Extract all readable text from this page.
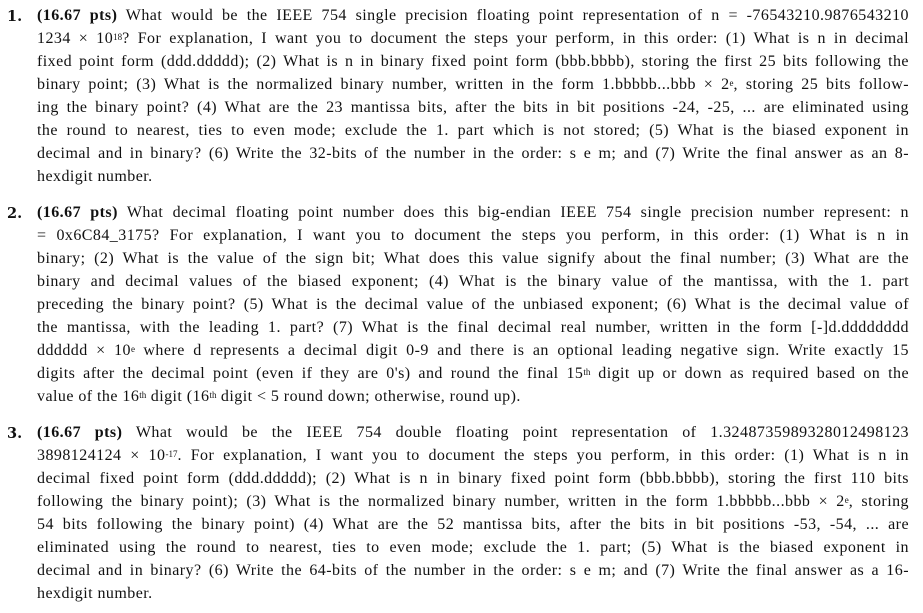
1. (16.67 pts) What would be the IEEE 754 single precision floating point representation of n = -76543210.9876543210
$1234 \times 10^{18}$? For explanation, I want you to document the steps your perform, in this order: (1) What is n in decimal
fixed point form (ddd.ddddd); (2) What is n in binary fixed point form (bbb.bbbb), storing the first 25 bits following the
binary point; (3) What is the normalized binary number, written in the form 1.bbbbb...bbb × $2^e$, storing 25 bits follow-
ing the binary point? (4) What are the 23 mantissa bits, after the bits in bit positions -24, -25, ... are eliminated using
the round to nearest, ties to even mode; exclude the 1. part which is not stored; (5) What is the biased exponent in
decimal and in binary? (6) Write the 32-bits of the number in the order: s e m; and (7) Write the final answer as an 8-
hexdigit number.
2. (16.67 pts) What decimal floating point number does this big-endian IEEE 754 single precision number represent: n
= 0x6C84_3175? For explanation, I want you to document the steps you perform, in this order: (1) What is n in
binary; (2) What is the value of the sign bit; What does this value signify about the final number; (3) What are the
binary and decimal values of the biased exponent; (4) What is the binary value of the mantissa, with the 1. part
preceding the binary point? (5) What is the decimal value of the unbiased exponent; (6) What is the decimal value of
the mantissa, with the leading 1. part? (7) What is the final decimal real number, written in the form [-]d.dddddddd
dddddd × $10^e$ where d represents a decimal digit 0-9 and there is an optional leading negative sign. Write exactly 15
digits after the decimal point (even if they are 0's) and round the final 15th digit up or down as required based on the
value of the 16th digit (16th digit < 5 round down; otherwise, round up).
3. (16.67 pts) What would be the IEEE 754 double floating point representation of 1.3248735989328012498123
$3898124124 \times 10^{-17}$. For explanation, I want you to document the steps you perform, in this order: (1) What is n in
decimal fixed point form (ddd.ddddd); (2) What is n in binary fixed point form (bbb.bbbb), storing the first 110 bits
following the binary point); (3) What is the normalized binary number, written in the form 1.bbbbb...bbb × $2^e$, storing
54 bits following the binary point) (4) What are the 52 mantissa bits, after the bits in bit positions -53, -54, ... are
eliminated using the round to nearest, ties to even mode; exclude the 1. part; (5) What is the biased exponent in
decimal and in binary? (6) Write the 64-bits of the number in the order: s e m; and (7) Write the final answer as a 16-
hexdigit number.
